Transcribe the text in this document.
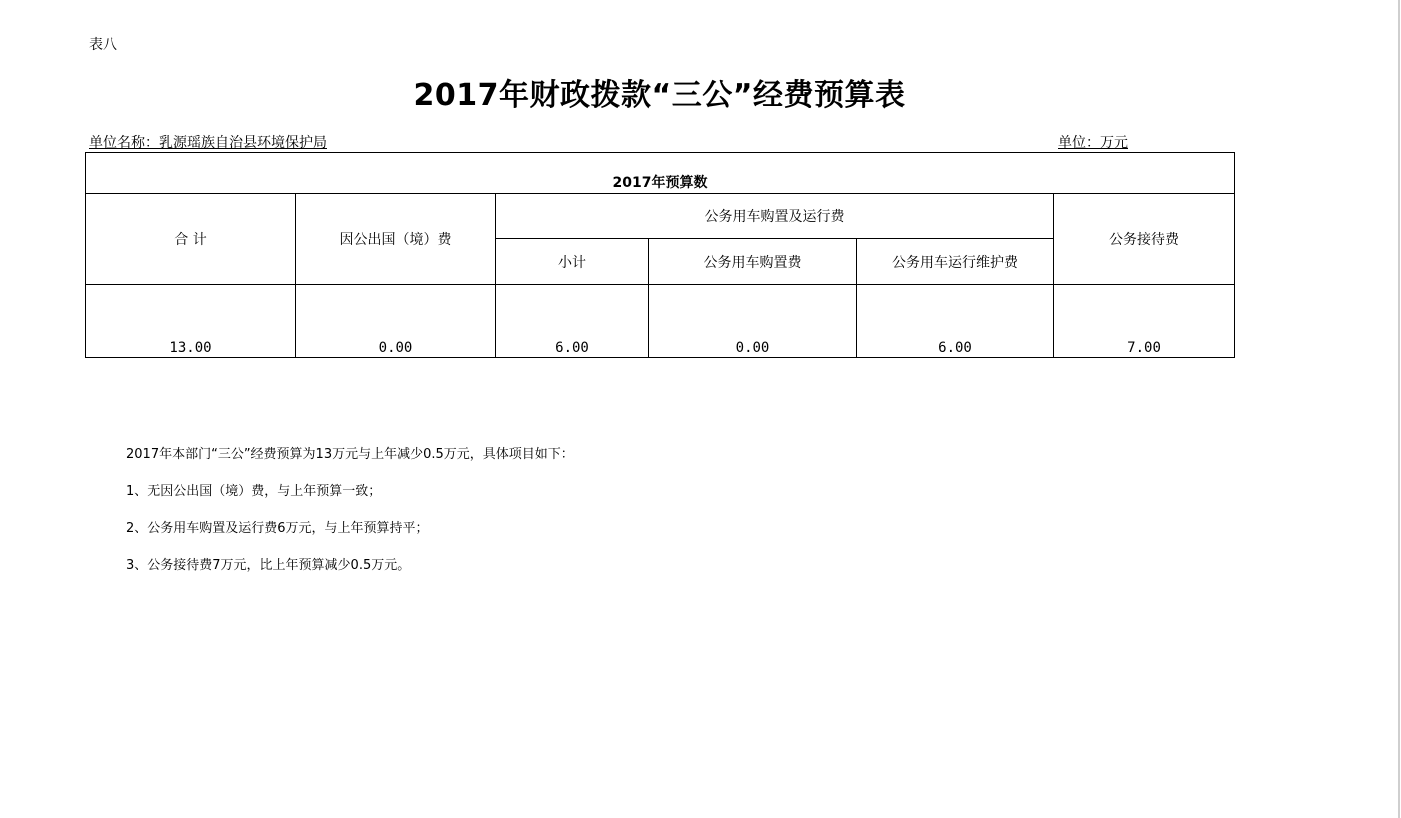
表八
2017年财政拨款“三公”经费预算表
单位名称：乳源瑶族自治县环境保护局	单位：万元
2017年预算数					
合 计	因公出国（境）费	公务用车购置及运行费			公务接待费
		小计	公务用车购置费	公务用车运行维护费	
13.00	0.00	6.00	0.00	6.00	7.00

2017年本部门“三公”经费预算为13万元与上年减少0.5万元，具体项目如下：

1、无因公出国（境）费，与上年预算一致；

2、公务用车购置及运行费6万元，与上年预算持平；

3、公务接待费7万元，比上年预算减少0.5万元。
